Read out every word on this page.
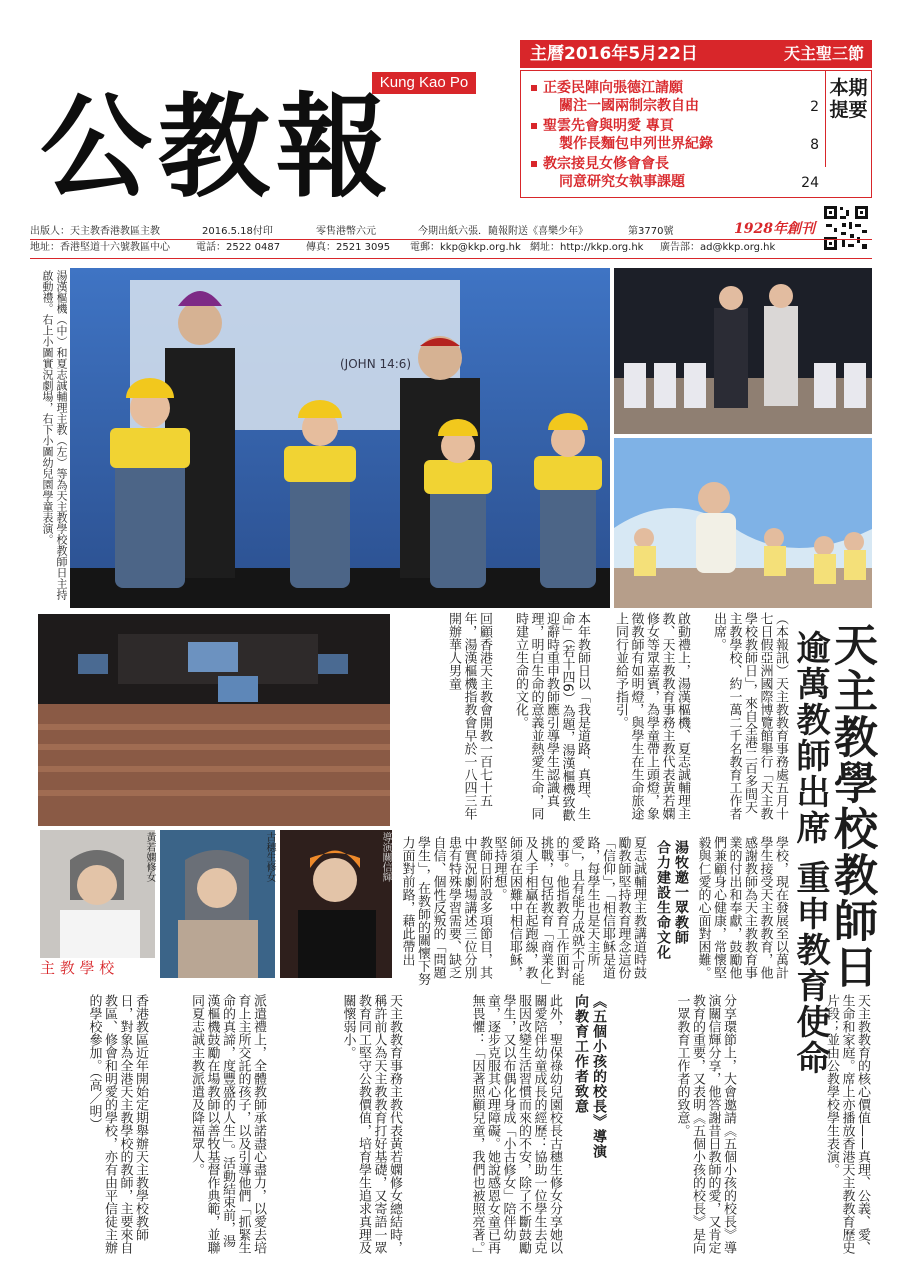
Kung Kao Po
公教報
主曆2016年5月22日	天主聖三節
本期
提要
正委民陣向張德江請願
關注一國兩制宗教自由	2
聖雲先會與明愛 專頁
製作長麵包申列世界紀錄	8
教宗接見女修會會長
同意研究女執事課題	24
出版人：天主教香港教區主教	2016.5.18付印	零售港幣六元	今期出紙六張．隨報附送《喜樂少年》	第3770號	1928年創刊
地址：香港堅道十六號教區中心	電話：2522 0487	傳真：2521 3095 電郵：kkp@kkp.org.hk 網址：http://kkp.org.hk 廣告部：ad@kkp.org.hk
湯漢樞機（中）和夏志誠輔理主教（左）等為天主教學校教師日主持啟動禮。右上小圖實況劇場，右下小圖幼兒園學童表演。	(JOHN 14:6)
黃若嫻修女	古穗生修女	導演關信輝
主 教 學 校	天主教學校教師日
逾萬教師出席 重申教育使命
（本報訊）天主教教育事務處五月十七日假亞洲國際博覽館舉行「天主教學校教師日」，來自全港二百多間天主教學校、約一萬二千名教育工作者出席。
啟動禮上，湯漢樞機、夏志誠輔理主教、天主教教育事務主教代表黃若嫻修女等眾嘉賓，為學童帶上頭燈，象徵教師有如明燈，與學生在生命旅途上同行並給予指引。
本年教師日以「我是道路、真理、生命」（若十四6）為題，湯漢樞機致歡迎辭時重申教師應引導學生認識真理，明白生命的意義並熱愛生命，同時建立生命的文化。
回顧香港天主教會開教一百七十五年，湯漢樞機指教會早於一八四三年開辦華人男童
學校，現在發展至以萬計學生接受天主教教育，他感謝教師為天主教教育事業的付出和奉獻，鼓勵他們兼顧身心健康，常懷堅毅與仁愛的心面對困難。
湯牧邀一眾教師
合力建設生命文化
夏志誠輔理主教講道時鼓勵教師堅持教育理念這份「信仰」，「相信耶穌是道路，每學生也是天主所愛」，且有能力成就不可能的事。他指教育工作面對挑戰，包括教育「商業化」及人手相贏在起跑線，教師須在困難中相信耶穌，堅持理想。
教師日附設多項節目，其中實況劇場講述三位分別患有特殊學習需要、缺乏自信、個性反叛的「問題學生」，在教師的關懷下努力面對前路，藉此帶出
天主教教育的核心價值——真理、公義、愛、生命和家庭。席上亦播放香港天主教教育歷史片段；並由公教學校學生表演。
分享環節上，大會邀請《五個小孩的校長》導演關信輝分享，他答謝昔日教師的愛，又肯定教育的重要，又表明《五個小孩的校長》是向一眾教育工作者的致意。
《五個小孩的校長》導演
向教育工作者致意
此外，聖保祿幼兒園校長古穗生修女分享她以關愛陪伴幼童成長的經歷：協助一位學生去克服因改變生活習慣而來的不安，除了不斷鼓勵學生，又以布偶化身成「小古修女」陪伴幼童，逐步克服其心理障礙。她說感恩女童已再無畏懼：「因著照顧兒童，我們也被照亮著。」
天主教教育事務主教代表黃若嫻修女總結時，稱許前人為天主教教育打好基礎，又寄語一眾教育同工堅守公教價值，培育學生追求真理及關懷弱小。
派遣禮上，全體教師承諾盡心盡力，以愛去培育上主所交託的孩子，以及引導他們「抓緊生命的真諦，度豐盛的人生」。活動結束前，湯漢樞機鼓勵在場教師以善牧基督作典範，並聯同夏志誠主教派遣及降福眾人。
香港教區近年開始定期舉辦天主教學校教師日，對象為全港天主教學校的教師，主要來自教區、修會和明愛的學校，亦有由平信徒主辦的學校參加。（高／明）
